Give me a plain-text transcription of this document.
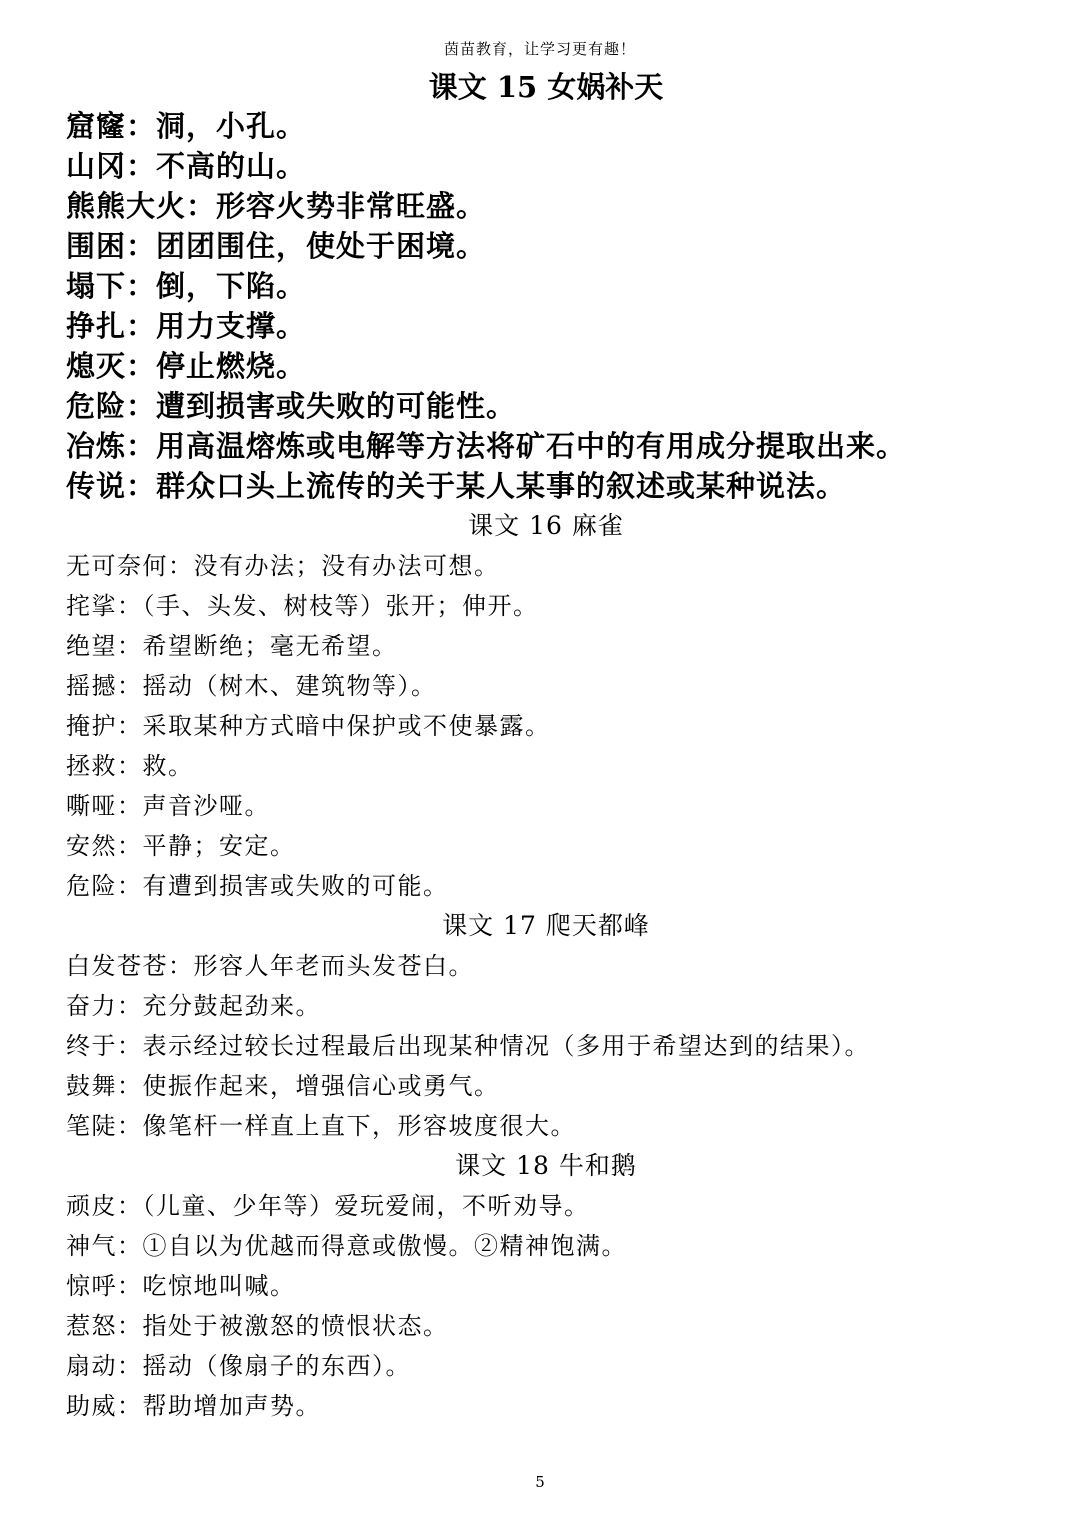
茵苗教育，让学习更有趣！
课文 15 女娲补天
窟窿：洞，小孔。
山冈：不高的山。
熊熊大火：形容火势非常旺盛。
围困：团团围住，使处于困境。
塌下：倒，下陷。
挣扎：用力支撑。
熄灭：停止燃烧。
危险：遭到损害或失败的可能性。
冶炼：用高温熔炼或电解等方法将矿石中的有用成分提取出来。
传说：群众口头上流传的关于某人某事的叙述或某种说法。
课文 16 麻雀
无可奈何：没有办法；没有办法可想。
挓挲：（手、头发、树枝等）张开；伸开。
绝望：希望断绝；毫无希望。
摇撼：摇动（树木、建筑物等）。
掩护：采取某种方式暗中保护或不使暴露。
拯救：救。
嘶哑：声音沙哑。
安然：平静；安定。
危险：有遭到损害或失败的可能。
课文 17 爬天都峰
白发苍苍：形容人年老而头发苍白。
奋力：充分鼓起劲来。
终于：表示经过较长过程最后出现某种情况（多用于希望达到的结果）。
鼓舞：使振作起来，增强信心或勇气。
笔陡：像笔杆一样直上直下，形容坡度很大。
课文 18 牛和鹅
顽皮：（儿童、少年等）爱玩爱闹，不听劝导。
神气：①自以为优越而得意或傲慢。②精神饱满。
惊呼：吃惊地叫喊。
惹怒：指处于被激怒的愤恨状态。
扇动：摇动（像扇子的东西）。
助威：帮助增加声势。
5
